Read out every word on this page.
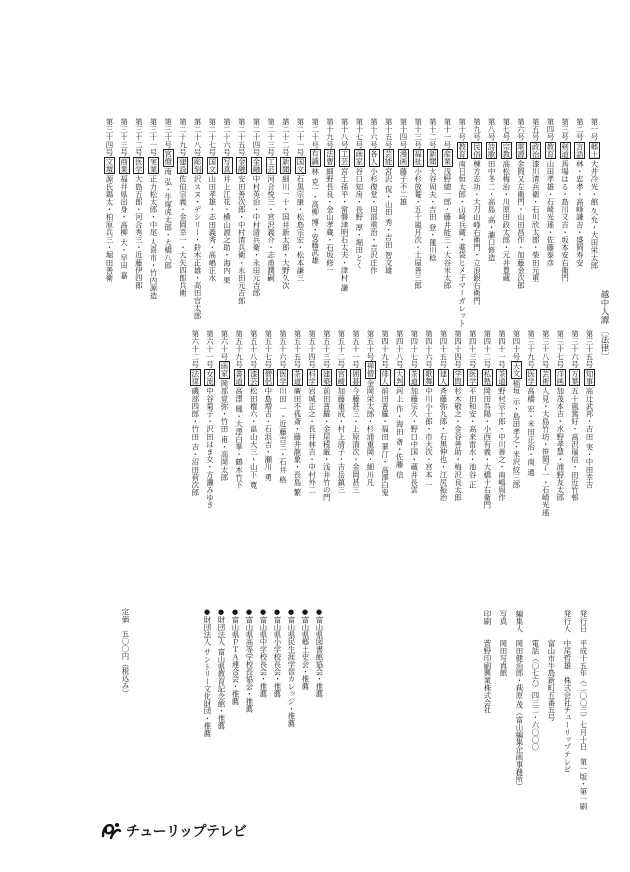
第一号郷土大井冷光・館 久允・大田栄太郎
第二号言語林・忠孝・高峰謙吉・盛岡寿安
第三号剣道馬場はる・島川文吉・坂本安右衛門
第四号教育山田孝雄・石崎光瑤・佐藤泰彦
第五号政治漆川清兵衛・石川欣太郎・柴田元重
第六号電源金岡又左衛門・山田昌作・加藤金次郎
第七号宗教高松梅治・川原田政太郎・元井豊蔵
第八号詩歌田中冬二・高島 高・瀧口修造
第九号民俗棟方志功・大刀山峰右衛門・立浪銀右衛門
第十号教育南日恒太郎・山崎兵蔵・薬袋ヒメ子マーガレット
第十一号産業浅野總一郎・藤井能三・大谷米太郎
第十二号新聞大谷周夫・吉田 登・蓮川稔
第十三号福祉小杉放菴・五十嵐月次・土屋善三郎
第十四号漫画藤子不二雄
第十五号芸能宮沢 侃・山田 秀・吉田 智文雄
第十六号各人小杉復堂・田部重治・吉沢庄作
第十七号画家谷口知房・長野 厚・堀田とく
第十八号工芸宮土孫平・常磐津明石太夫・津村 謙
第十九号法曹細野長良・金山孝蔵・石坂修一
第二十号有識林 克一・高柳 博・安藤武雄
第二十一号国文石黒宗康・松島宗宏・松本謙三
第二十二号新聞細川一十・国井新太郎・大野久次
第二十三号工芸河合悦三・宮沢義介・志甫潤嗣
第二十四号金融中村英治・中村清兵衛・永田元吉郎
第二十五号金融安田善次郎・中村清兵衛・永田元吉郎
第二十六号写真井上江花・横山源之助・海内 果
第二十七号国文山田孝雄・志田義秀・高嶋正水
第二十八号彫刻沢スヌ・デシリー・鈴木正雄・高田官太郎
第二十九号建設佐伯宗義・金岡幸一・大矢四郎兵衛
第三十号宮僚南 弘・牛塚虎太郎・大橋八郎
第三十一号実業正力松太郎・中尾 人喜市・竹内源造
第三十二号医学大島五郎・河合秀三・近藤伊四郎
第三十三号商業福井県出身・高柳 大・早田 嘉
第三十四号文壇源氏鶏太・柏原兵三・堀田善衛
第三十五号知事高辻武邦・吉田 実・中田幸吉
第三十六号万葉五十嵐篤好・高沢瑞信・田近竹邨
第三十七号洋画加茂本吉・水野孝慧・浦野友太郎
第三十八号芸術人見・大島竹坊・笹岡了一・石崎光瑤
第三十九号医学高橋 宏・米田正治・南 通
第四十号天文稲垣 示・島田孝之・米沢紋三郎
第四十一号茶道野村宗十郎・中川善之・南嶋周作
第四十二号私塾岡田呉陽・小西有義・大橋十右衛門
第四十三号医学平田和安・高来雷水・池谷 正
第四十四号学問杉木敬之・金谷善助・梅沢良太郎
第四十五号建人斉藤弥九郎・石黒伸也・江尻振治
第四十六号歌舞中川小十郎・市大次・宮本 一
第四十七号茶道加藤宗久・野口中国・蔵井長雲
第四十八号大判河上 作・海田 斎・佐藤 信
第四十九号俳人前田普羅・福田 蓼汀・高澤白鬼
第五十号禅僧金岡栄太郎・杉浦重岡・細川凡
第五十一号囲碁今藤甚三・上原清次・金岡甚三
第五十二号宮崎加藤重成・村上清子・吉岳鎮三
第五十三号建築前田普羅・金尾稜厳・浅井竹の門
第五十四号科学岩城正之・長井林吉・中村外二
第五十五号茶道廣田不孤斎・藤井龍象・長島 繁
第五十六号医学川田 一・近藤吉三・石井 格
第五十七号僧侶中島増吉・石浜吉・瀬川 勇
第五十八号漆芸松田権六・畠山大三・山下 寛
第五十九号書道高澤 鳳・大澤白拳・鶴木竹下
第六十号画家岡部覚弥・竹田 甫・高岡太郎
第六十一号女流中谷菊子・沢田はま女・方瀬みゆき
第六十二号法律磯部四郎・竹田 吉・沼田荷次郎
越中人譚 〔法律〕
発行日　平成十五年（二〇〇三）七月十日　第一版・第一刷
発行人　中尾哲雄　株式会社チューリップテレビ
　　　　富山市牛島新町五番五号
　　　　電話（〇七六）四三二・六〇〇〇
編集人　岡田健治郎・萩原 茂（富山編集企画事務所）
写真　　岡田写真館
印刷　　菅野印刷興業株式会社
● 富山県図書館協会・推薦
● 富山県郷土史会・推薦
● 富山県民生涯学習カレッジ・推薦
● 富山県小学校長会・推薦
● 富山県中学校長会・推薦
● 富山県高等学校長協会・推薦
● 富山県ＰＴＡ連合会・推薦
● 財団法人 富山県教育記念館・推薦
● 財団法人 サントリー文化財団・推薦
定価　五〇〇円（税込み）
チューリップテレビ
